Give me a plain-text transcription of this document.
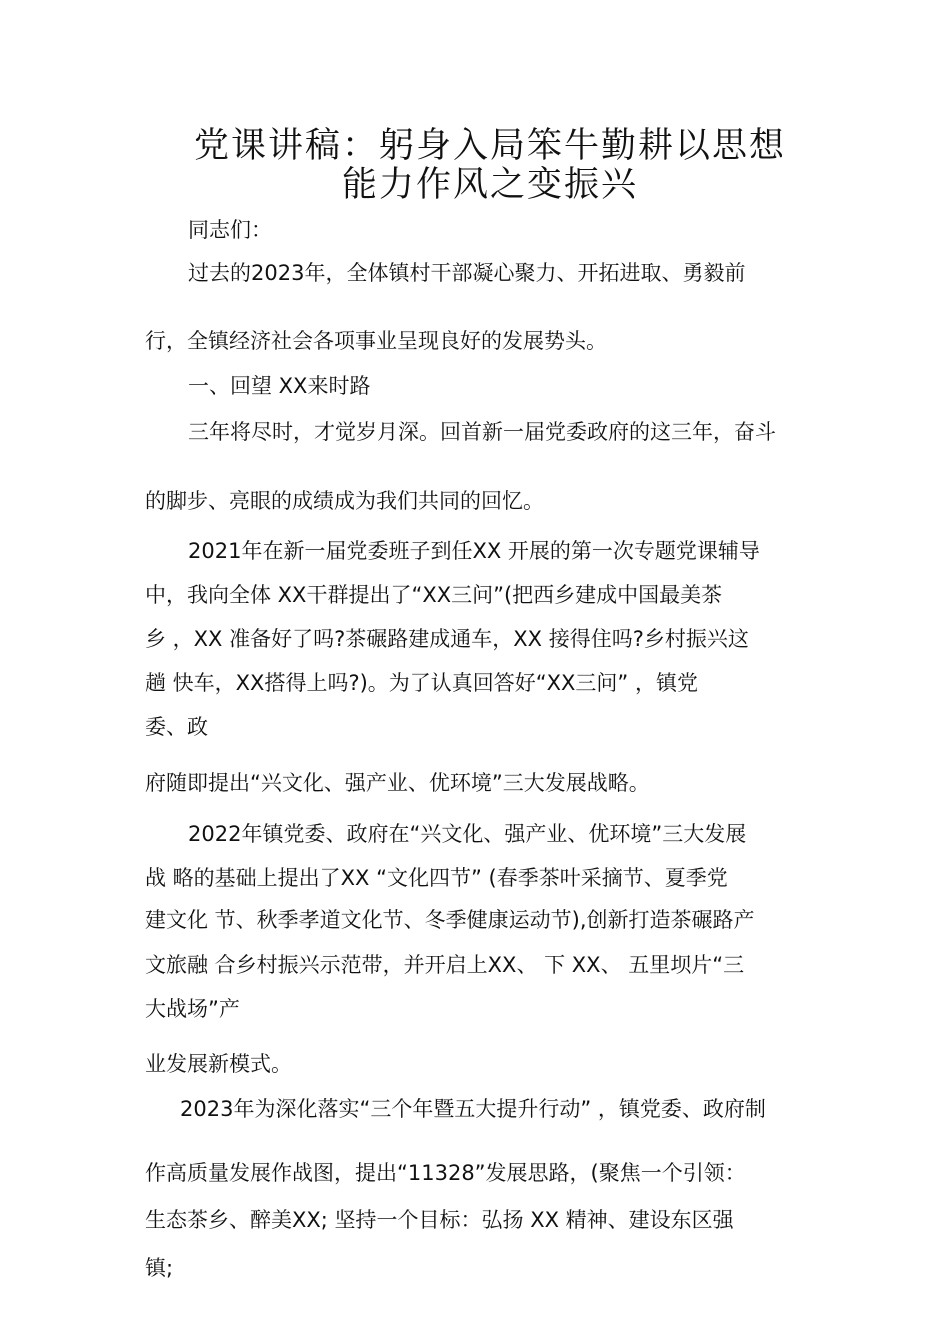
党课讲稿：躬身入局笨牛勤耕以思想
能力作风之变振兴
同志们：
过去的2023年，全体镇村干部凝心聚力、开拓进取、勇毅前
行，全镇经济社会各项事业呈现良好的发展势头。
一、回望 XX来时路
三年将尽时，才觉岁月深。回首新一届党委政府的这三年，奋斗
的脚步、亮眼的成绩成为我们共同的回忆。
2021年在新一届党委班子到任XX 开展的第一次专题党课辅导
中，我向全体 XX干群提出了“XX三问”(把西乡建成中国最美茶
乡 ，XX 准备好了吗?茶碾路建成通车，XX 接得住吗?乡村振兴这
趟 快车，XX搭得上吗?)。为了认真回答好“XX三问” ，镇党
委、政
府随即提出“兴文化、强产业、优环境”三大发展战略。
2022年镇党委、政府在“兴文化、强产业、优环境”三大发展
战 略的基础上提出了XX “文化四节” (春季茶叶采摘节、夏季党
建文化 节、秋季孝道文化节、冬季健康运动节),创新打造茶碾路产
文旅融 合乡村振兴示范带，并开启上XX、 下 XX、 五里坝片“三
大战场”产
业发展新模式。
2023年为深化落实“三个年暨五大提升行动” ，镇党委、政府制
作高质量发展作战图，提出“11328”发展思路，(聚焦一个引领：
生态茶乡、醉美XX; 坚持一个目标：弘扬 XX 精神、建设东区强
镇;
